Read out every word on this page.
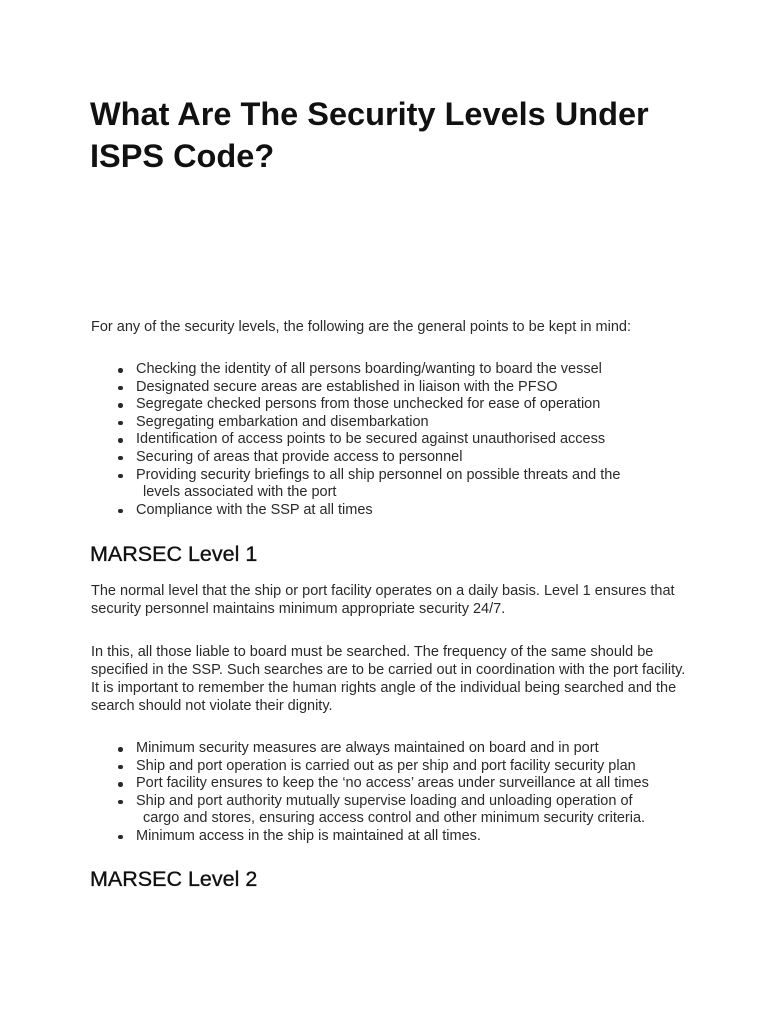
What Are The Security Levels Under ISPS Code?

For any of the security levels, the following are the general points to be kept in mind:

Checking the identity of all persons boarding/wanting to board the vessel
Designated secure areas are established in liaison with the PFSO
Segregate checked persons from those unchecked for ease of operation
Segregating embarkation and disembarkation
Identification of access points to be secured against unauthorised access
Securing of areas that provide access to personnel
Providing security briefings to all ship personnel on possible threats and the
levels associated with the port
Compliance with the SSP at all times
MARSEC Level 1

The normal level that the ship or port facility operates on a daily basis. Level 1 ensures that security personnel maintains minimum appropriate security 24/7.

In this, all those liable to board must be searched. The frequency of the same should be specified in the SSP. Such searches are to be carried out in coordination with the port facility. It is important to remember the human rights angle of the individual being searched and the search should not violate their dignity.

Minimum security measures are always maintained on board and in port
Ship and port operation is carried out as per ship and port facility security plan
Port facility ensures to keep the ‘no access’ areas under surveillance at all times
Ship and port authority mutually supervise loading and unloading operation of
cargo and stores, ensuring access control and other minimum security criteria.
Minimum access in the ship is maintained at all times.
MARSEC Level 2
